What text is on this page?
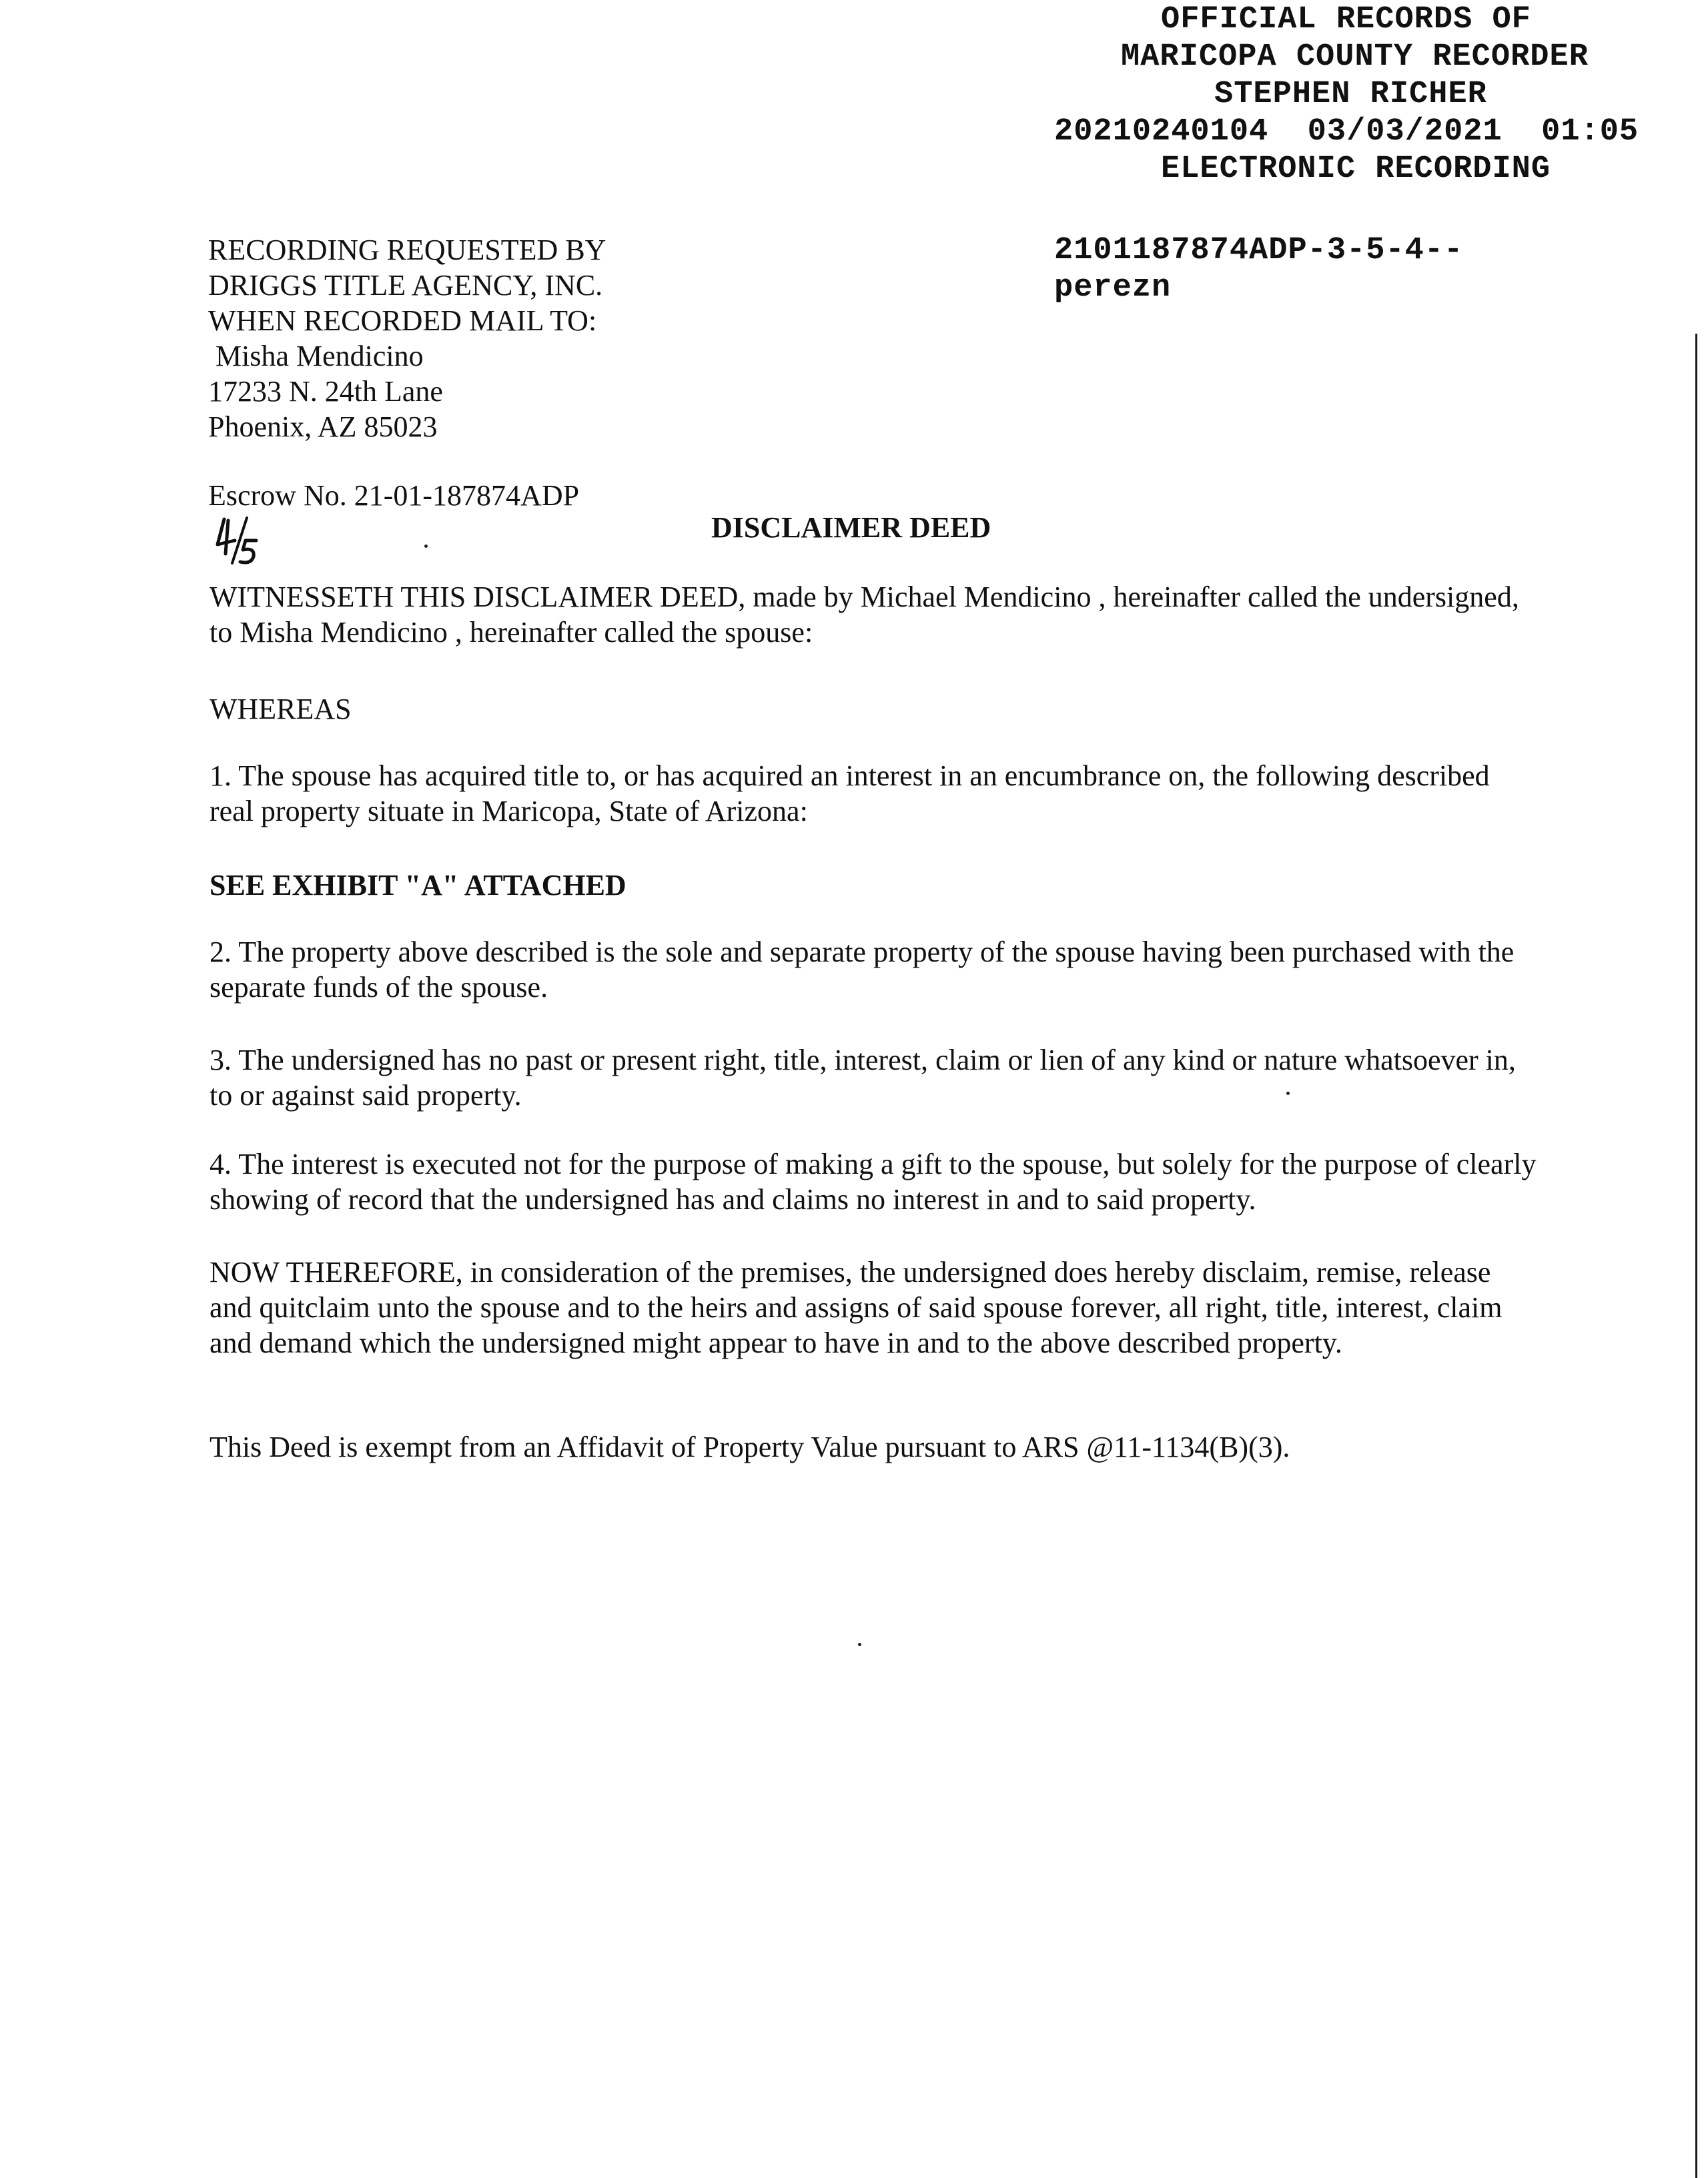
OFFICIAL RECORDS OF
MARICOPA COUNTY RECORDER
STEPHEN RICHER
20210240104  03/03/2021  01:05
ELECTRONIC RECORDING
2101187874ADP-3-5-4--
perezn
RECORDING REQUESTED BY
DRIGGS TITLE AGENCY, INC.
WHEN RECORDED MAIL TO:
Misha Mendicino
17233 N. 24th Lane
Phoenix, AZ 85023
Escrow No. 21-01-187874ADP
DISCLAIMER DEED
WITNESSETH THIS DISCLAIMER DEED, made by Michael Mendicino , hereinafter called the undersigned, to Misha Mendicino , hereinafter called the spouse:
WHEREAS
1. The spouse has acquired title to, or has acquired an interest in an encumbrance on, the following described real property situate in Maricopa, State of Arizona:
SEE EXHIBIT "A" ATTACHED
2. The property above described is the sole and separate property of the spouse having been purchased with the separate funds of the spouse.
3. The undersigned has no past or present right, title, interest, claim or lien of any kind or nature whatsoever in, to or against said property.
4. The interest is executed not for the purpose of making a gift to the spouse, but solely for the purpose of clearly showing of record that the undersigned has and claims no interest in and to said property.
NOW THEREFORE, in consideration of the premises, the undersigned does hereby disclaim, remise, release and quitclaim unto the spouse and to the heirs and assigns of said spouse forever, all right, title, interest, claim and demand which the undersigned might appear to have in and to the above described property.
This Deed is exempt from an Affidavit of Property Value pursuant to ARS @11-1134(B)(3).
